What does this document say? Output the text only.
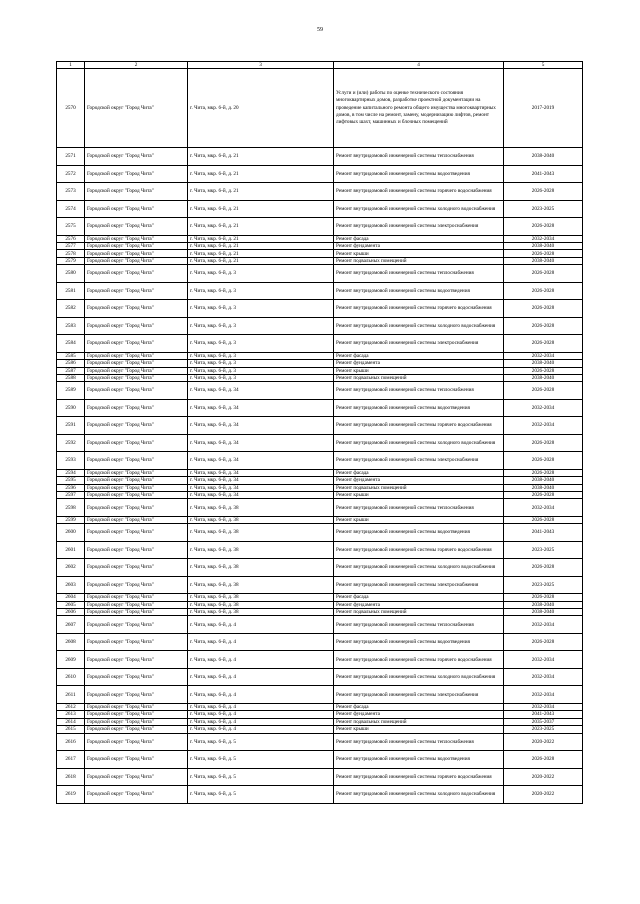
59
1	2	3	4	5
2570	Городской округ "Город Чита"	г. Чита, мкр. 6-й, д. 20	Услуги и (или) работы по оценке технического состояния многоквартирных домов, разработке проектной документации на проведение капитального ремонта общего имущества многоквартирных домов, в том числе на ремонт, замену, модернизацию лифтов, ремонт лифтовых шахт, машинных и блочных помещений	2017-2019
2571	Городской округ "Город Чита"	г. Чита, мкр. 6-й, д. 21	Ремонт внутридомовой инженерной системы теплоснабжения	2038-2040
2572	Городской округ "Город Чита"	г. Чита, мкр. 6-й, д. 21	Ремонт внутридомовой инженерной системы водоотведения	2041-2043
2573	Городской округ "Город Чита"	г. Чита, мкр. 6-й, д. 21	Ремонт внутридомовой инженерной системы горячего водоснабжения	2026-2028
2574	Городской округ "Город Чита"	г. Чита, мкр. 6-й, д. 21	Ремонт внутридомовой инженерной системы холодного водоснабжения	2023-2025
2575	Городской округ "Город Чита"	г. Чита, мкр. 6-й, д. 21	Ремонт внутридомовой инженерной системы электроснабжения	2026-2028
2576	Городской округ "Город Чита"	г. Чита, мкр. 6-й, д. 21	Ремонт фасада	2032-2034
2577	Городской округ "Город Чита"	г. Чита, мкр. 6-й, д. 21	Ремонт фундамента	2038-2040
2578	Городской округ "Город Чита"	г. Чита, мкр. 6-й, д. 21	Ремонт крыши	2026-2028
2579	Городской округ "Город Чита"	г. Чита, мкр. 6-й, д. 21	Ремонт подвальных помещений	2038-2040
2580	Городской округ "Город Чита"	г. Чита, мкр. 6-й, д. 3	Ремонт внутридомовой инженерной системы теплоснабжения	2026-2028
2581	Городской округ "Город Чита"	г. Чита, мкр. 6-й, д. 3	Ремонт внутридомовой инженерной системы водоотведения	2026-2028
2582	Городской округ "Город Чита"	г. Чита, мкр. 6-й, д. 3	Ремонт внутридомовой инженерной системы горячего водоснабжения	2026-2028
2583	Городской округ "Город Чита"	г. Чита, мкр. 6-й, д. 3	Ремонт внутридомовой инженерной системы холодного водоснабжения	2026-2028
2584	Городской округ "Город Чита"	г. Чита, мкр. 6-й, д. 3	Ремонт внутридомовой инженерной системы электроснабжения	2026-2028
2585	Городской округ "Город Чита"	г. Чита, мкр. 6-й, д. 3	Ремонт фасада	2032-2034
2586	Городской округ "Город Чита"	г. Чита, мкр. 6-й, д. 3	Ремонт фундамента	2038-2040
2587	Городской округ "Город Чита"	г. Чита, мкр. 6-й, д. 3	Ремонт крыши	2026-2028
2588	Городской округ "Город Чита"	г. Чита, мкр. 6-й, д. 3	Ремонт подвальных помещений	2038-2040
2589	Городской округ "Город Чита"	г. Чита, мкр. 6-й, д. 34	Ремонт внутридомовой инженерной системы теплоснабжения	2026-2028
2590	Городской округ "Город Чита"	г. Чита, мкр. 6-й, д. 34	Ремонт внутридомовой инженерной системы водоотведения	2032-2034
2591	Городской округ "Город Чита"	г. Чита, мкр. 6-й, д. 34	Ремонт внутридомовой инженерной системы горячего водоснабжения	2032-2034
2592	Городской округ "Город Чита"	г. Чита, мкр. 6-й, д. 34	Ремонт внутридомовой инженерной системы холодного водоснабжения	2026-2028
2593	Городской округ "Город Чита"	г. Чита, мкр. 6-й, д. 34	Ремонт внутридомовой инженерной системы электроснабжения	2026-2028
2594	Городской округ "Город Чита"	г. Чита, мкр. 6-й, д. 34	Ремонт фасада	2026-2028
2595	Городской округ "Город Чита"	г. Чита, мкр. 6-й, д. 34	Ремонт фундамента	2038-2040
2596	Городской округ "Город Чита"	г. Чита, мкр. 6-й, д. 34	Ремонт подвальных помещений	2038-2040
2597	Городской округ "Город Чита"	г. Чита, мкр. 6-й, д. 34	Ремонт крыши	2026-2028
2598	Городской округ "Город Чита"	г. Чита, мкр. 6-й, д. 38	Ремонт внутридомовой инженерной системы теплоснабжения	2032-2034
2599	Городской округ "Город Чита"	г. Чита, мкр. 6-й, д. 38	Ремонт крыши	2026-2028
2600	Городской округ "Город Чита"	г. Чита, мкр. 6-й, д. 38	Ремонт внутридомовой инженерной системы водоотведения	2041-2043
2601	Городской округ "Город Чита"	г. Чита, мкр. 6-й, д. 38	Ремонт внутридомовой инженерной системы горячего водоснабжения	2023-2025
2602	Городской округ "Город Чита"	г. Чита, мкр. 6-й, д. 38	Ремонт внутридомовой инженерной системы холодного водоснабжения	2026-2028
2603	Городской округ "Город Чита"	г. Чита, мкр. 6-й, д. 38	Ремонт внутридомовой инженерной системы электроснабжения	2023-2025
2604	Городской округ "Город Чита"	г. Чита, мкр. 6-й, д. 38	Ремонт фасада	2026-2028
2605	Городской округ "Город Чита"	г. Чита, мкр. 6-й, д. 38	Ремонт фундамента	2038-2040
2606	Городской округ "Город Чита"	г. Чита, мкр. 6-й, д. 38	Ремонт подвальных помещений	2038-2040
2607	Городской округ "Город Чита"	г. Чита, мкр. 6-й, д. 4	Ремонт внутридомовой инженерной системы теплоснабжения	2032-2034
2608	Городской округ "Город Чита"	г. Чита, мкр. 6-й, д. 4	Ремонт внутридомовой инженерной системы водоотведения	2026-2028
2609	Городской округ "Город Чита"	г. Чита, мкр. 6-й, д. 4	Ремонт внутридомовой инженерной системы горячего водоснабжения	2032-2034
2610	Городской округ "Город Чита"	г. Чита, мкр. 6-й, д. 4	Ремонт внутридомовой инженерной системы холодного водоснабжения	2032-2034
2611	Городской округ "Город Чита"	г. Чита, мкр. 6-й, д. 4	Ремонт внутридомовой инженерной системы электроснабжения	2032-2034
2612	Городской округ "Город Чита"	г. Чита, мкр. 6-й, д. 4	Ремонт фасада	2032-2034
2613	Городской округ "Город Чита"	г. Чита, мкр. 6-й, д. 4	Ремонт фундамента	2041-2043
2614	Городской округ "Город Чита"	г. Чита, мкр. 6-й, д. 4	Ремонт подвальных помещений	2035-2037
2615	Городской округ "Город Чита"	г. Чита, мкр. 6-й, д. 4	Ремонт крыши	2023-2025
2616	Городской округ "Город Чита"	г. Чита, мкр. 6-й, д. 5	Ремонт внутридомовой инженерной системы теплоснабжения	2020-2022
2617	Городской округ "Город Чита"	г. Чита, мкр. 6-й, д. 5	Ремонт внутридомовой инженерной системы водоотведения	2026-2028
2618	Городской округ "Город Чита"	г. Чита, мкр. 6-й, д. 5	Ремонт внутридомовой инженерной системы горячего водоснабжения	2020-2022
2619	Городской округ "Город Чита"	г. Чита, мкр. 6-й, д. 5	Ремонт внутридомовой инженерной системы холодного водоснабжения	2020-2022
